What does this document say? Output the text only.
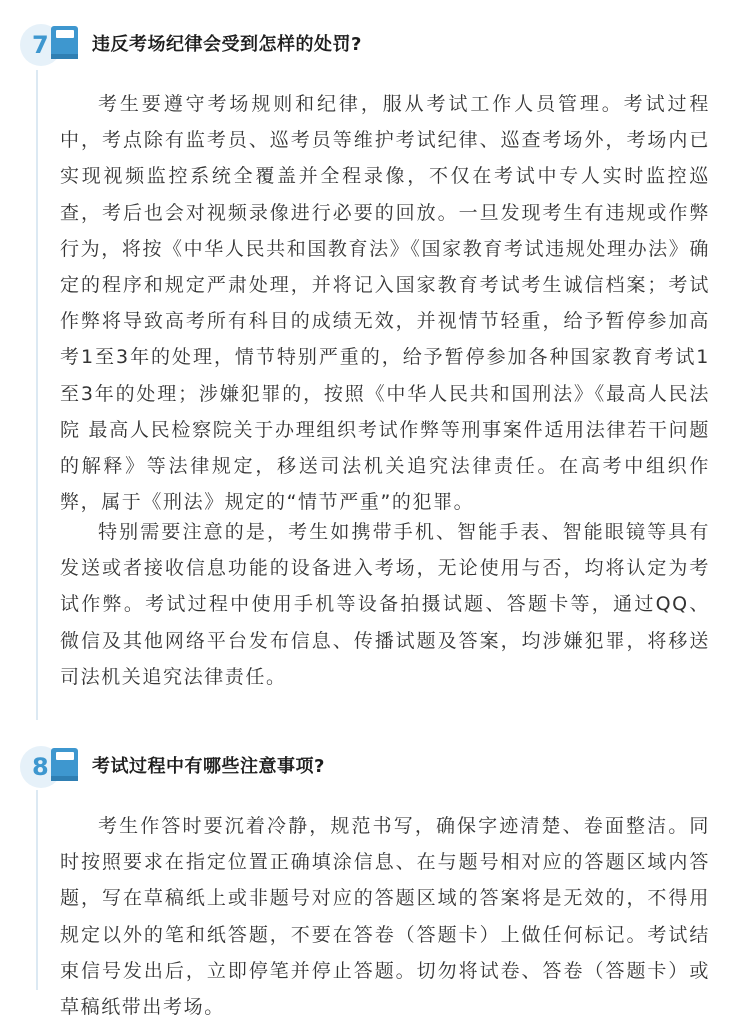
7	违反考场纪律会受到怎样的处罚?

考生要遵守考场规则和纪律，服从考试工作人员管理。考试过程中，考点除有监考员、巡考员等维护考试纪律、巡查考场外，考场内已实现视频监控系统全覆盖并全程录像，不仅在考试中专人实时监控巡查，考后也会对视频录像进行必要的回放。一旦发现考生有违规或作弊行为，将按《中华人民共和国教育法》《国家教育考试违规处理办法》确定的程序和规定严肃处理，并将记入国家教育考试考生诚信档案；考试作弊将导致高考所有科目的成绩无效，并视情节轻重，给予暂停参加高考1至3年的处理，情节特别严重的，给予暂停参加各种国家教育考试1至3年的处理；涉嫌犯罪的，按照《中华人民共和国刑法》《最高人民法院 最高人民检察院关于办理组织考试作弊等刑事案件适用法律若干问题的解释》等法律规定，移送司法机关追究法律责任。在高考中组织作弊，属于《刑法》规定的“情节严重”的犯罪。

特别需要注意的是，考生如携带手机、智能手表、智能眼镜等具有发送或者接收信息功能的设备进入考场，无论使用与否，均将认定为考试作弊。考试过程中使用手机等设备拍摄试题、答题卡等，通过QQ、微信及其他网络平台发布信息、传播试题及答案，均涉嫌犯罪，将移送司法机关追究法律责任。

8	考试过程中有哪些注意事项?

考生作答时要沉着冷静，规范书写，确保字迹清楚、卷面整洁。同时按照要求在指定位置正确填涂信息、在与题号相对应的答题区域内答题，写在草稿纸上或非题号对应的答题区域的答案将是无效的，不得用规定以外的笔和纸答题，不要在答卷（答题卡）上做任何标记。考试结束信号发出后，立即停笔并停止答题。切勿将试卷、答卷（答题卡）或草稿纸带出考场。
